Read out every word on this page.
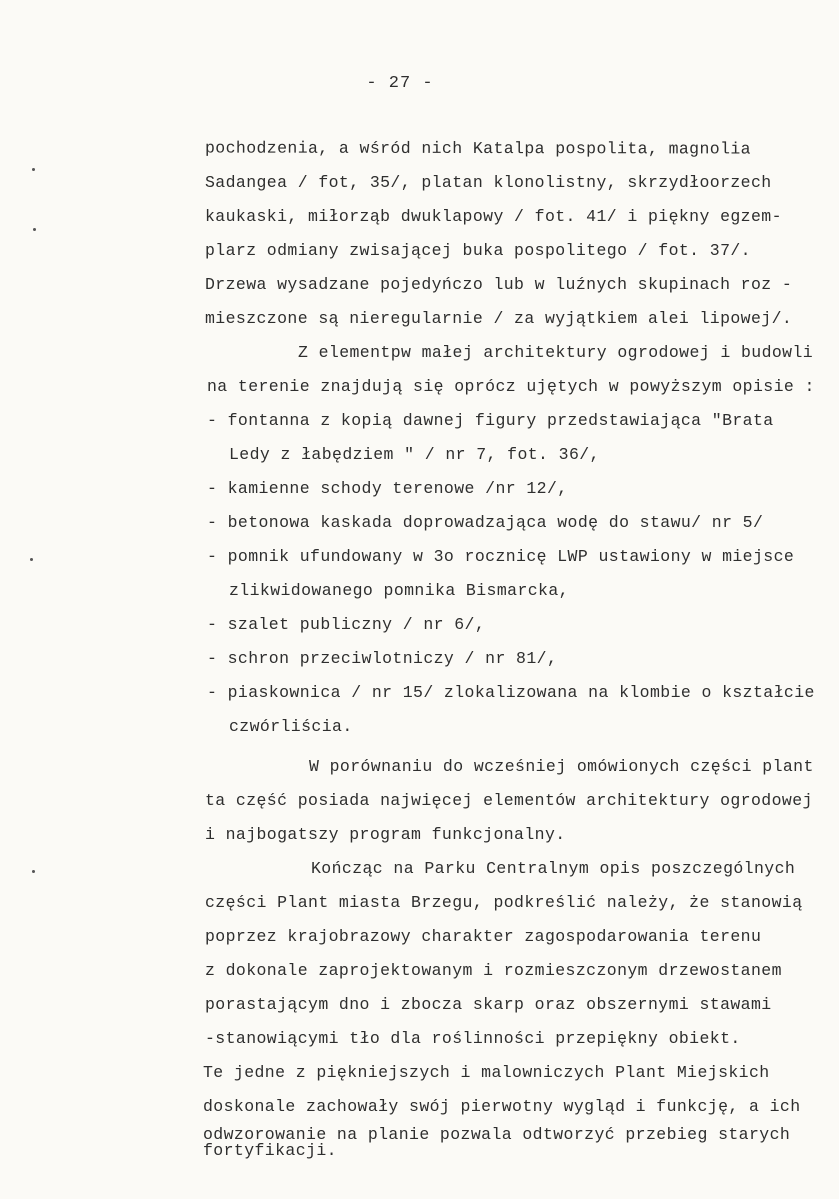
- 27 -
pochodzenia, a wśród nich Katalpa pospolita, magnolia
Sadangea / fot, 35/, platan klonolistny, skrzydłoorzech
kaukaski, miłorząb dwuklapowy / fot. 41/ i piękny egzem-
plarz odmiany zwisającej buka pospolitego / fot. 37/.
Drzewa wysadzane pojedyńczo lub w luźnych skupinach roz -
mieszczone są nieregularnie / za wyjątkiem alei lipowej/.
Z elementpw małej architektury ogrodowej i budowli
na terenie znajdują się oprócz ujętych w powyższym opisie :
- fontanna z kopią dawnej figury przedstawiająca "Brata
Ledy z łabędziem " / nr 7, fot. 36/,
- kamienne schody terenowe /nr 12/,
- betonowa kaskada doprowadzająca wodę do stawu/ nr 5/
- pomnik ufundowany w 3o rocznicę LWP ustawiony w miejsce
zlikwidowanego pomnika Bismarcka,
- szalet publiczny / nr 6/,
- schron przeciwlotniczy / nr 81/,
- piaskownica / nr 15/ zlokalizowana na klombie o kształcie
czwórliścia.
W porównaniu do wcześniej omówionych części plant
ta część posiada najwięcej elementów architektury ogrodowej
i najbogatszy program funkcjonalny.
Kończąc na Parku Centralnym opis poszczególnych
części Plant miasta Brzegu, podkreślić należy, że stanowią
poprzez krajobrazowy charakter zagospodarowania terenu
z dokonale zaprojektowanym i rozmieszczonym drzewostanem
porastającym dno i zbocza skarp oraz obszernymi stawami
-stanowiącymi tło dla roślinności przepiękny obiekt.
Te jedne z piękniejszych i malowniczych Plant Miejskich
doskonale zachowały swój pierwotny wygląd i funkcję, a ich
odwzorowanie na planie pozwala odtworzyć przebieg starych
fortyfikacji.
